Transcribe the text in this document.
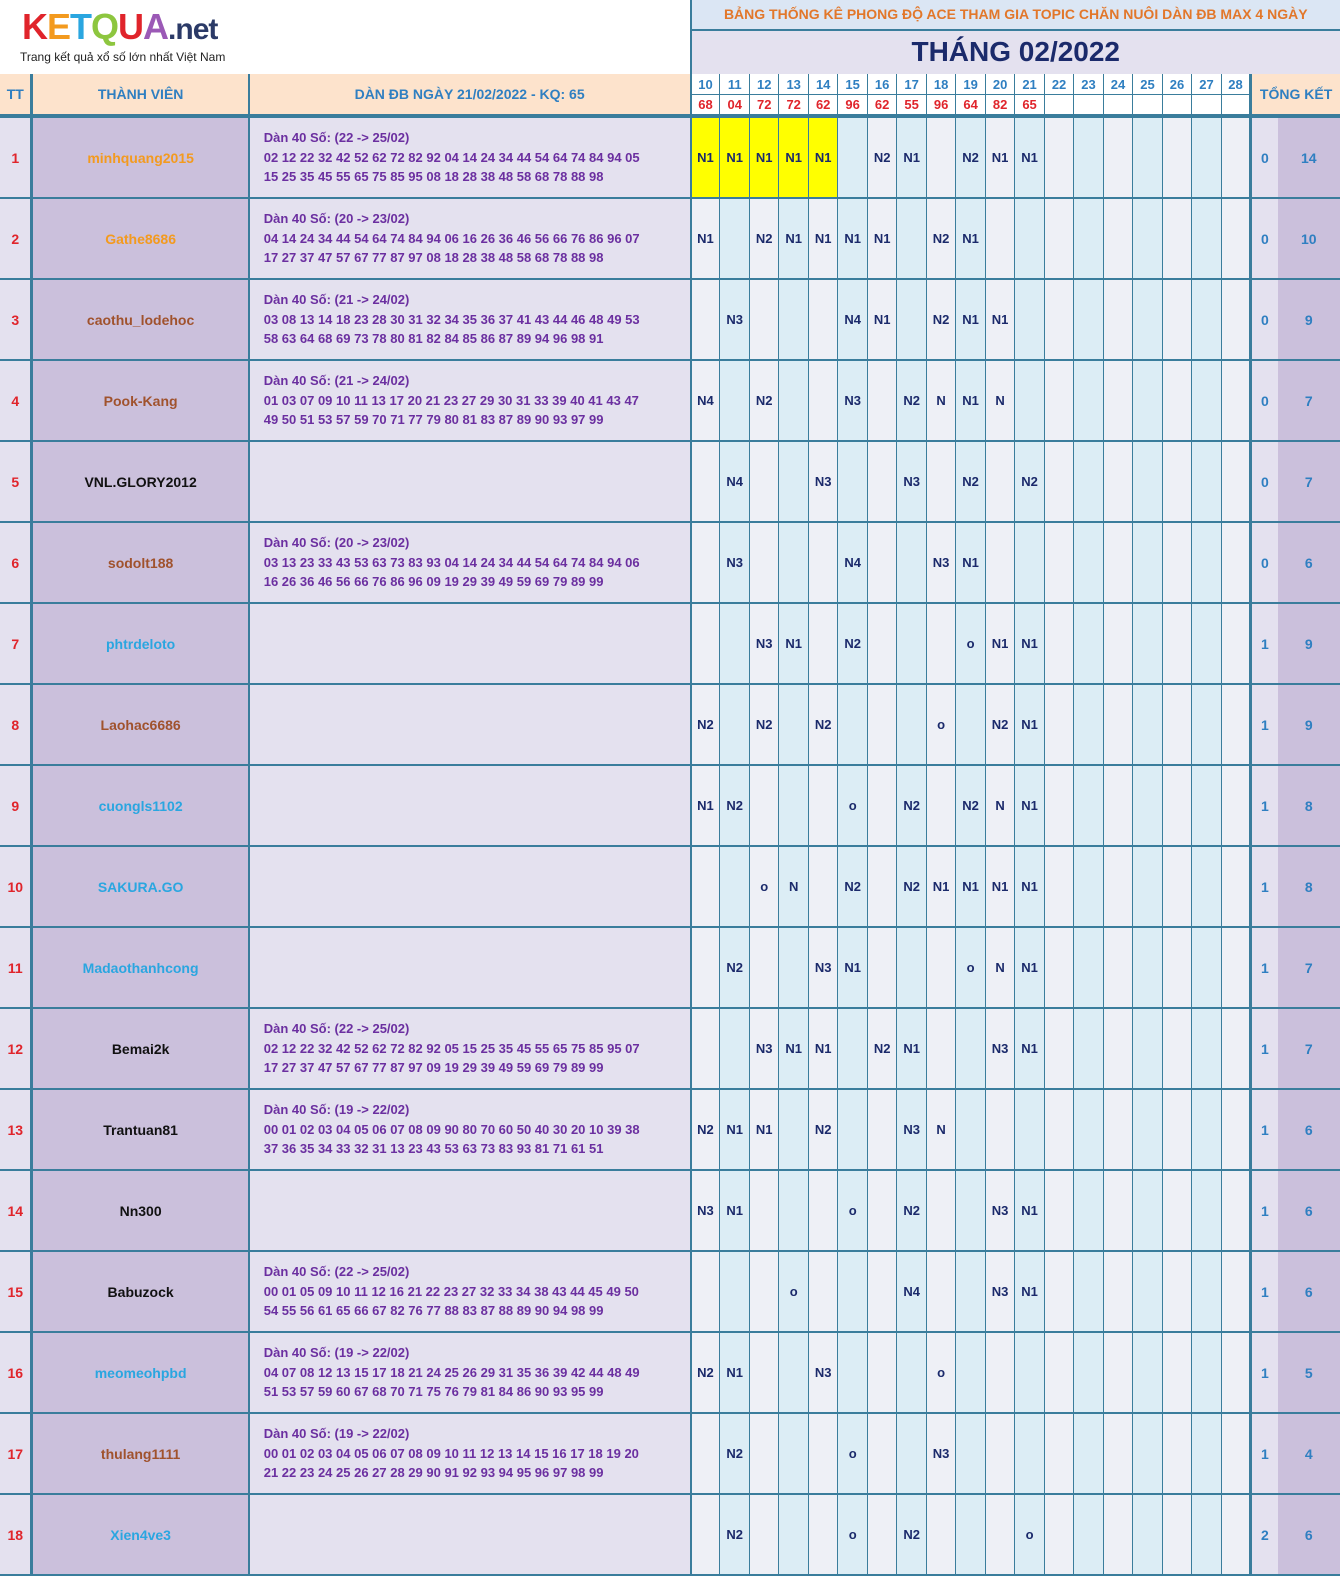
KETQUA.net
Trang kết quả xổ số lớn nhất Việt Nam			BẢNG THỐNG KÊ PHONG ĐỘ ACE THAM GIA TOPIC CHĂN NUÔI DÀN ĐB MAX 4 NGÀY																				
			THÁNG 02/2022																				
TT	THÀNH VIÊN	DÀN ĐB NGÀY 21/02/2022 - KQ: 65	10	11	12	13	14	15	16	17	18	19	20	21	22	23	24	25	26	27	28	TỔNG KẾT	
			68	04	72	72	62	96	62	55	96	64	82	65									
1	minhquang2015	Dàn 40 Số: (22 -> 25/02)
02 12 22 32 42 52 62 72 82 92 04 14 24 34 44 54 64 74 84 94 05
15 25 35 45 55 65 75 85 95 08 18 28 38 48 58 68 78 88 98	N1	N1	N1	N1	N1		N2	N1		N2	N1	N1								0	14
2	Gathe8686	Dàn 40 Số: (20 -> 23/02)
04 14 24 34 44 54 64 74 84 94 06 16 26 36 46 56 66 76 86 96 07
17 27 37 47 57 67 77 87 97 08 18 28 38 48 58 68 78 88 98	N1		N2	N1	N1	N1	N1		N2	N1										0	10
3	caothu_lodehoc	Dàn 40 Số: (21 -> 24/02)
03 08 13 14 18 23 28 30 31 32 34 35 36 37 41 43 44 46 48 49 53
58 63 64 68 69 73 78 80 81 82 84 85 86 87 89 94 96 98 91		N3				N4	N1		N2	N1	N1									0	9
4	Pook-Kang	Dàn 40 Số: (21 -> 24/02)
01 03 07 09 10 11 13 17 20 21 23 27 29 30 31 33 39 40 41 43 47
49 50 51 53 57 59 70 71 77 79 80 81 83 87 89 90 93 97 99	N4		N2			N3		N2	N	N1	N									0	7
5	VNL.GLORY2012			N4			N3			N3		N2		N2								0	7
6	sodolt188	Dàn 40 Số: (20 -> 23/02)
03 13 23 33 43 53 63 73 83 93 04 14 24 34 44 54 64 74 84 94 06
16 26 36 46 56 66 76 86 96 09 19 29 39 49 59 69 79 89 99		N3				N4			N3	N1										0	6
7	phtrdeloto				N3	N1		N2				o	N1	N1								1	9
8	Laohac6686		N2		N2		N2				o		N2	N1								1	9
9	cuongls1102		N1	N2				o		N2		N2	N	N1								1	8
10	SAKURA.GO				o	N		N2		N2	N1	N1	N1	N1								1	8
11	Madaothanhcong			N2			N3	N1				o	N	N1								1	7
12	Bemai2k	Dàn 40 Số: (22 -> 25/02)
02 12 22 32 42 52 62 72 82 92 05 15 25 35 45 55 65 75 85 95 07
17 27 37 47 57 67 77 87 97 09 19 29 39 49 59 69 79 89 99			N3	N1	N1		N2	N1			N3	N1								1	7
13	Trantuan81	Dàn 40 Số: (19 -> 22/02)
00 01 02 03 04 05 06 07 08 09 90 80 70 60 50 40 30 20 10 39 38
37 36 35 34 33 32 31 13 23 43 53 63 73 83 93 81 71 61 51	N2	N1	N1		N2			N3	N											1	6
14	Nn300		N3	N1				o		N2			N3	N1								1	6
15	Babuzock	Dàn 40 Số: (22 -> 25/02)
00 01 05 09 10 11 12 16 21 22 23 27 32 33 34 38 43 44 45 49 50
54 55 56 61 65 66 67 82 76 77 88 83 87 88 89 90 94 98 99				o				N4			N3	N1								1	6
16	meomeohpbd	Dàn 40 Số: (19 -> 22/02)
04 07 08 12 13 15 17 18 21 24 25 26 29 31 35 36 39 42 44 48 49
51 53 57 59 60 67 68 70 71 75 76 79 81 84 86 90 93 95 99	N2	N1			N3				o											1	5
17	thulang1111	Dàn 40 Số: (19 -> 22/02)
00 01 02 03 04 05 06 07 08 09 10 11 12 13 14 15 16 17 18 19 20
21 22 23 24 25 26 27 28 29 90 91 92 93 94 95 96 97 98 99		N2				o			N3											1	4
18	Xien4ve3			N2				o		N2				o								2	6
